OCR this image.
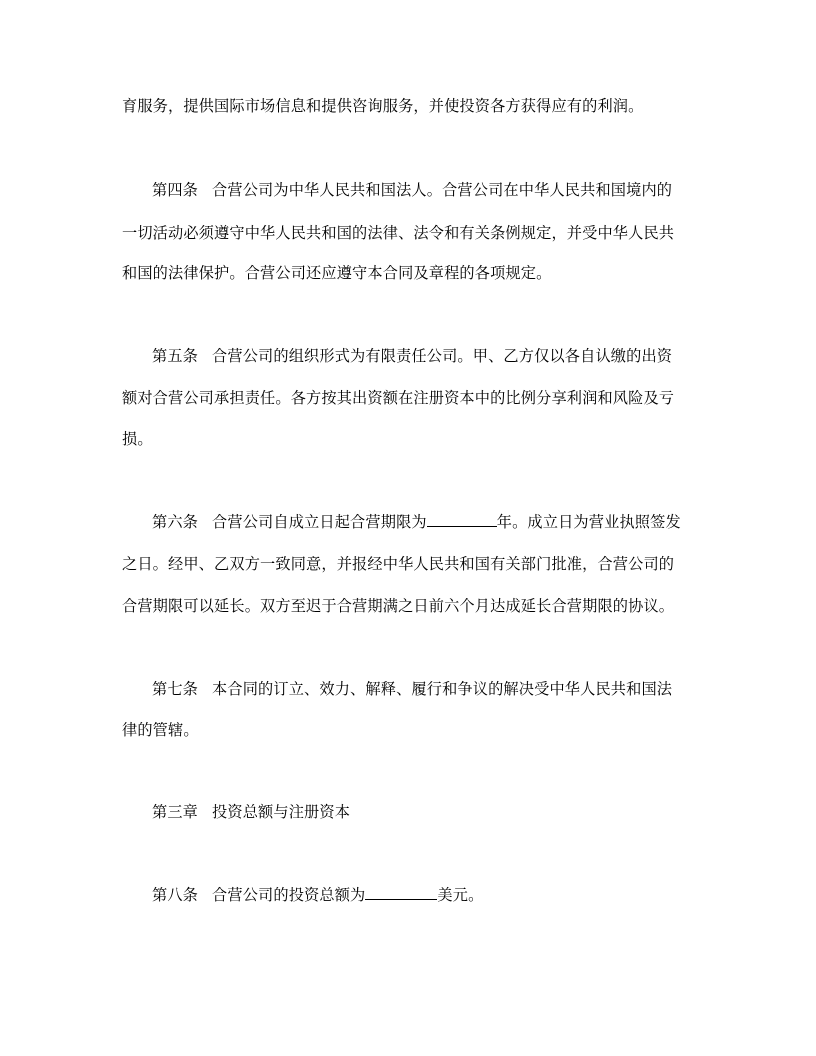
育服务，提供国际市场信息和提供咨询服务，并使投资各方获得应有的利润。
第四条 合营公司为中华人民共和国法人。合营公司在中华人民共和国境内的
一切活动必须遵守中华人民共和国的法律、法令和有关条例规定，并受中华人民共
和国的法律保护。合营公司还应遵守本合同及章程的各项规定。
第五条 合营公司的组织形式为有限责任公司。甲、乙方仅以各自认缴的出资
额对合营公司承担责任。各方按其出资额在注册资本中的比例分享利润和风险及亏
损。
第六条 合营公司自成立日起合营期限为	年。成立日为营业执照签发
之日。经甲、乙双方一致同意，并报经中华人民共和国有关部门批准，合营公司的
合营期限可以延长。双方至迟于合营期满之日前六个月达成延长合营期限的协议。
第七条 本合同的订立、效力、解释、履行和争议的解决受中华人民共和国法
律的管辖。
第三章 投资总额与注册资本
第八条 合营公司的投资总额为	美元。
